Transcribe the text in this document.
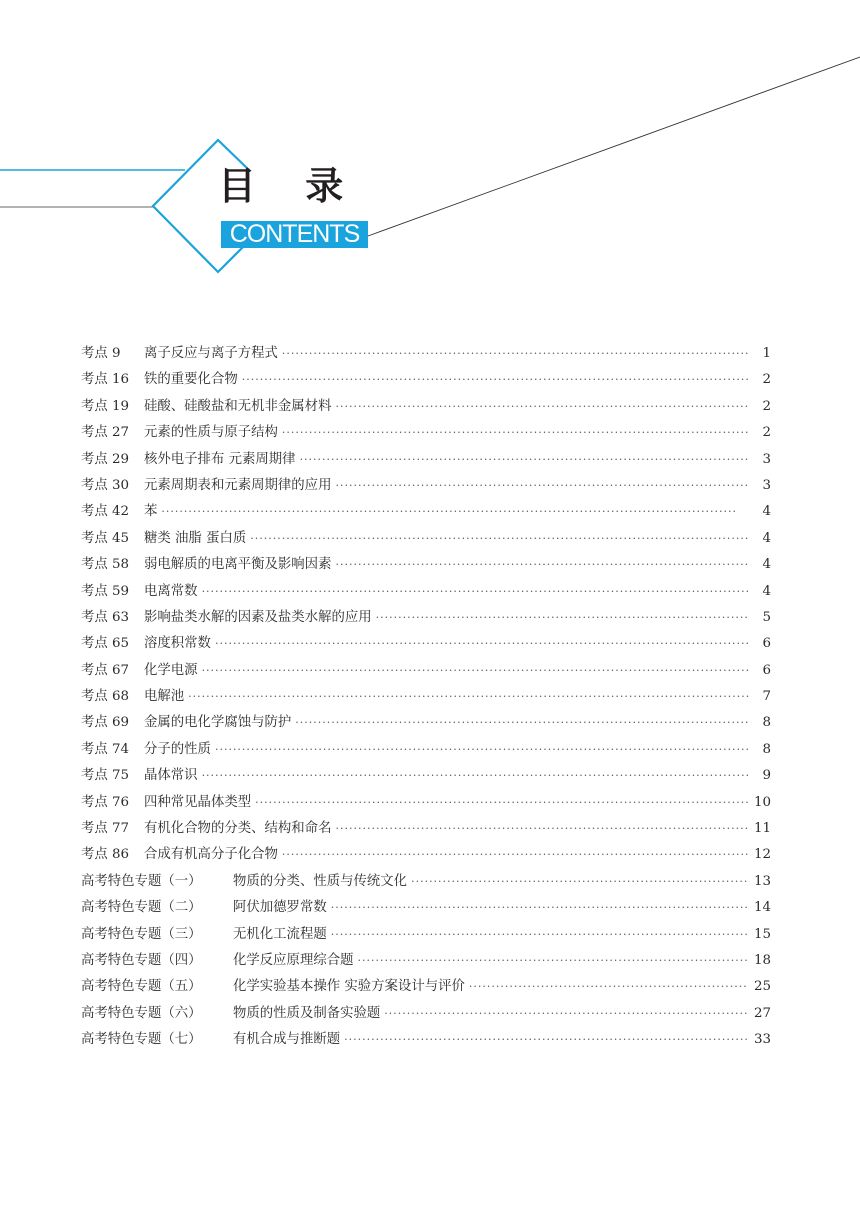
目 录
CONTENTS
考点 9	离子反应与离子方程式 ·····	1
考点 16	铁的重要化合物 ·····	2
考点 19	硅酸、硅酸盐和无机非金属材料 ·····	2
考点 27	元素的性质与原子结构 ·····	2
考点 29	核外电子排布 元素周期律 ·····	3
考点 30	元素周期表和元素周期律的应用 ·····	3
考点 42	苯 ·····	4
考点 45	糖类 油脂 蛋白质 ·····	4
考点 58	弱电解质的电离平衡及影响因素 ·····	4
考点 59	电离常数 ·····	4
考点 63	影响盐类水解的因素及盐类水解的应用 ·····	5
考点 65	溶度积常数 ·····	6
考点 67	化学电源 ·····	6
考点 68	电解池 ·····	7
考点 69	金属的电化学腐蚀与防护 ·····	8
考点 74	分子的性质 ·····	8
考点 75	晶体常识 ·····	9
考点 76	四种常见晶体类型 ·····	10
考点 77	有机化合物的分类、结构和命名 ·····	11
考点 86	合成有机高分子化合物 ·····	12
高考特色专题（一）	物质的分类、性质与传统文化 ·····	13
高考特色专题（二）	阿伏加德罗常数 ·····	14
高考特色专题（三）	无机化工流程题 ·····	15
高考特色专题（四）	化学反应原理综合题 ·····	18
高考特色专题（五）	化学实验基本操作 实验方案设计与评价 ·····	25
高考特色专题（六）	物质的性质及制备实验题 ·····	27
高考特色专题（七）	有机合成与推断题 ·····	33
